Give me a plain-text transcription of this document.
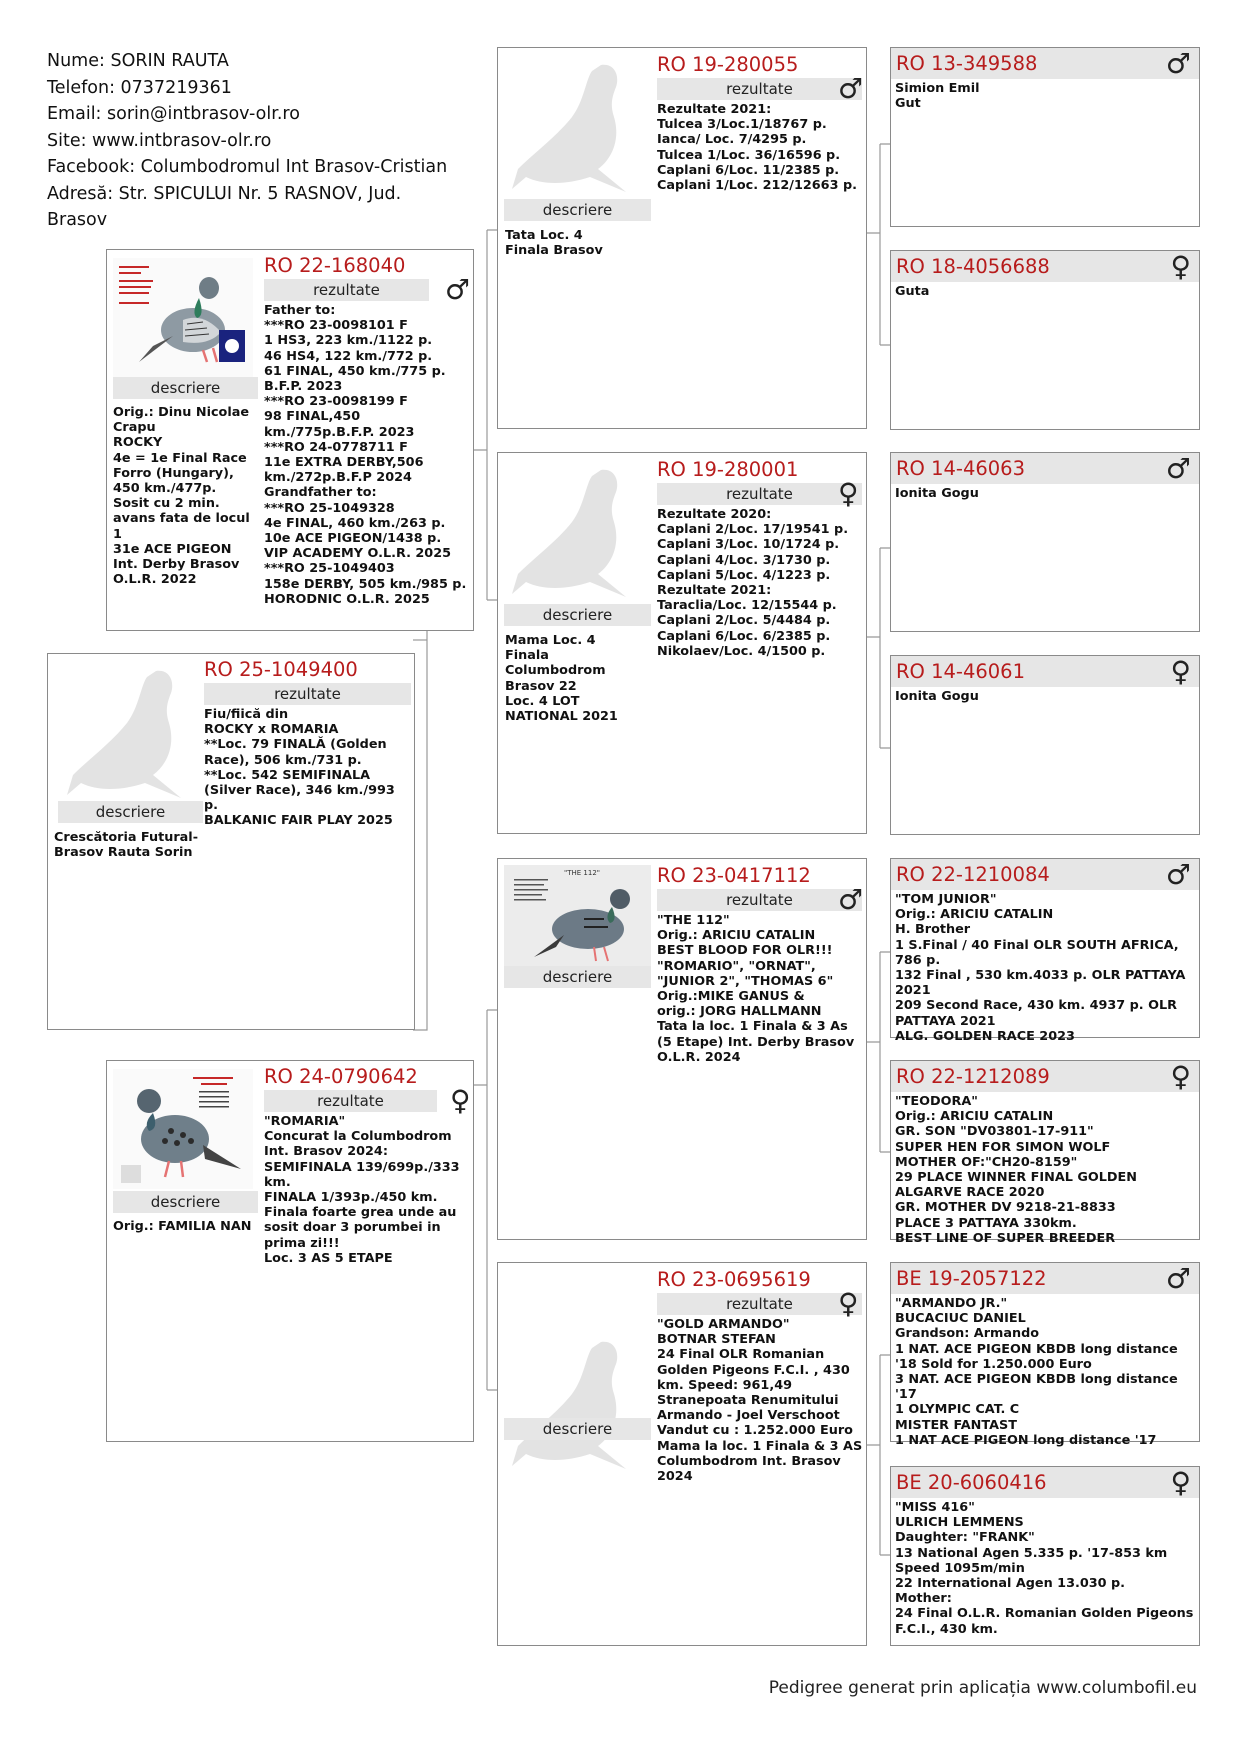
Nume: SORIN RAUTA
Telefon: 0737219361
Email: sorin@intbrasov-olr.ro
Site: www.intbrasov-olr.ro
Facebook: Columbodromul Int Brasov-Cristian
Adresă: Str. SPICULUI Nr. 5 RASNOV, Jud.
Brasov
descriere
Crescătoria Futural-Brasov Rauta Sorin
RO 25-1049400
rezultate
Fiu/fiică din
ROCKY x ROMARIA
**Loc. 79 FINALĂ (Golden Race), 506 km./731 p.
**Loc. 542 SEMIFINALA (Silver Race), 346 km./993 p.
BALKANIC FAIR PLAY 2025
descriere
Orig.: Dinu Nicolae Crapu
ROCKY
4e = 1e Final Race Forro (Hungary), 450 km./477p.
Sosit cu 2 min. avans fata de locul 1
31e ACE PIGEON Int. Derby Brasov O.L.R. 2022
RO 22-168040
rezultate	♂
Father to:
***RO 23-0098101 F
1 HS3, 223 km./1122 p.
46 HS4, 122 km./772 p.
61 FINAL, 450 km./775 p. B.F.P. 2023
***RO 23-0098199 F
98 FINAL,450 km./775p.B.F.P. 2023
***RO 24-0778711 F
11e EXTRA DERBY,506 km./272p.B.F.P 2024
Grandfather to:
***RO 25-1049328
4e FINAL, 460 km./263 p.
10e ACE PIGEON/1438 p.
VIP ACADEMY O.L.R. 2025
***RO 25-1049403
158e DERBY, 505 km./985 p.
HORODNIC O.L.R. 2025
descriere
Orig.: FAMILIA NAN
RO 24-0790642
rezultate	♀
"ROMARIA"
Concurat la Columbodrom Int. Brasov 2024:
SEMIFINALA 139/699p./333 km.
FINALA 1/393p./450 km.
Finala foarte grea unde au sosit doar 3 porumbei in prima zi!!!
Loc. 3 AS 5 ETAPE
descriere
Tata Loc. 4
Finala Brasov
RO 19-280055
rezultate	♂
Rezultate 2021:
Tulcea 3/Loc.1/18767 p.
Ianca/ Loc. 7/4295 p.
Tulcea 1/Loc. 36/16596 p.
Caplani 6/Loc. 11/2385 p.
Caplani 1/Loc. 212/12663 p.
descriere
Mama Loc. 4
Finala
Columbodrom
Brasov 22
Loc. 4 LOT
NATIONAL 2021
RO 19-280001
rezultate	♀
Rezultate 2020:
Caplani 2/Loc. 17/19541 p.
Caplani 3/Loc. 10/1724 p.
Caplani 4/Loc. 3/1730 p.
Caplani 5/Loc. 4/1223 p.
Rezultate 2021:
Taraclia/Loc. 12/15544 p.
Caplani 2/Loc. 5/4484 p.
Caplani 6/Loc. 6/2385 p.
Nikolaev/Loc. 4/1500 p.
"THE 112"
descriere
RO 23-0417112
rezultate	♂
"THE 112"
Orig.: ARICIU CATALIN
BEST BLOOD FOR OLR!!!
"ROMARIO", "ORNAT", "JUNIOR 2", "THOMAS 6"
Orig.:MIKE GANUS &
orig.: JORG HALLMANN
Tata la loc. 1 Finala & 3 As (5 Etape) Int. Derby Brasov O.L.R. 2024
descriere
RO 23-0695619
rezultate	♀
"GOLD ARMANDO"
BOTNAR STEFAN
24 Final OLR Romanian Golden Pigeons F.C.I. , 430 km. Speed: 961,49
Stranepoata Renumitului Armando - Joel Verschoot
Vandut cu : 1.252.000 Euro
Mama la loc. 1 Finala & 3 AS Columbodrom Int. Brasov 2024
RO 13-349588	♂
Simion Emil
Gut
RO 18-4056688	♀
Guta
RO 14-46063	♂
Ionita Gogu
RO 14-46061	♀
Ionita Gogu
RO 22-1210084	♂
"TOM JUNIOR"
Orig.: ARICIU CATALIN
H. Brother
1 S.Final / 40 Final OLR SOUTH AFRICA, 786 p.
132 Final , 530 km.4033 p. OLR PATTAYA 2021
209 Second Race, 430 km. 4937 p. OLR PATTAYA 2021
ALG. GOLDEN RACE 2023
RO 22-1212089	♀
"TEODORA"
Orig.: ARICIU CATALIN
GR. SON "DV03801-17-911"
SUPER HEN FOR SIMON WOLF
MOTHER OF:"CH20-8159"
29 PLACE WINNER FINAL GOLDEN ALGARVE RACE 2020
GR. MOTHER DV 9218-21-8833
PLACE 3 PATTAYA 330km.
BEST LINE OF SUPER BREEDER
BE 19-2057122	♂
"ARMANDO JR."
BUCACIUC DANIEL
Grandson: Armando
1 NAT. ACE PIGEON KBDB long distance '18 Sold for 1.250.000 Euro
3 NAT. ACE PIGEON KBDB long distance '17
1 OLYMPIC CAT. C
MISTER FANTAST
1 NAT ACE PIGEON long distance '17
BE 20-6060416	♀
"MISS 416"
ULRICH LEMMENS
Daughter: "FRANK"
13 National Agen 5.335 p. '17-853 km Speed 1095m/min
22 International Agen 13.030 p.
Mother:
24 Final O.L.R. Romanian Golden Pigeons F.C.I., 430 km.
Pedigree generat prin aplicația www.columbofil.eu
